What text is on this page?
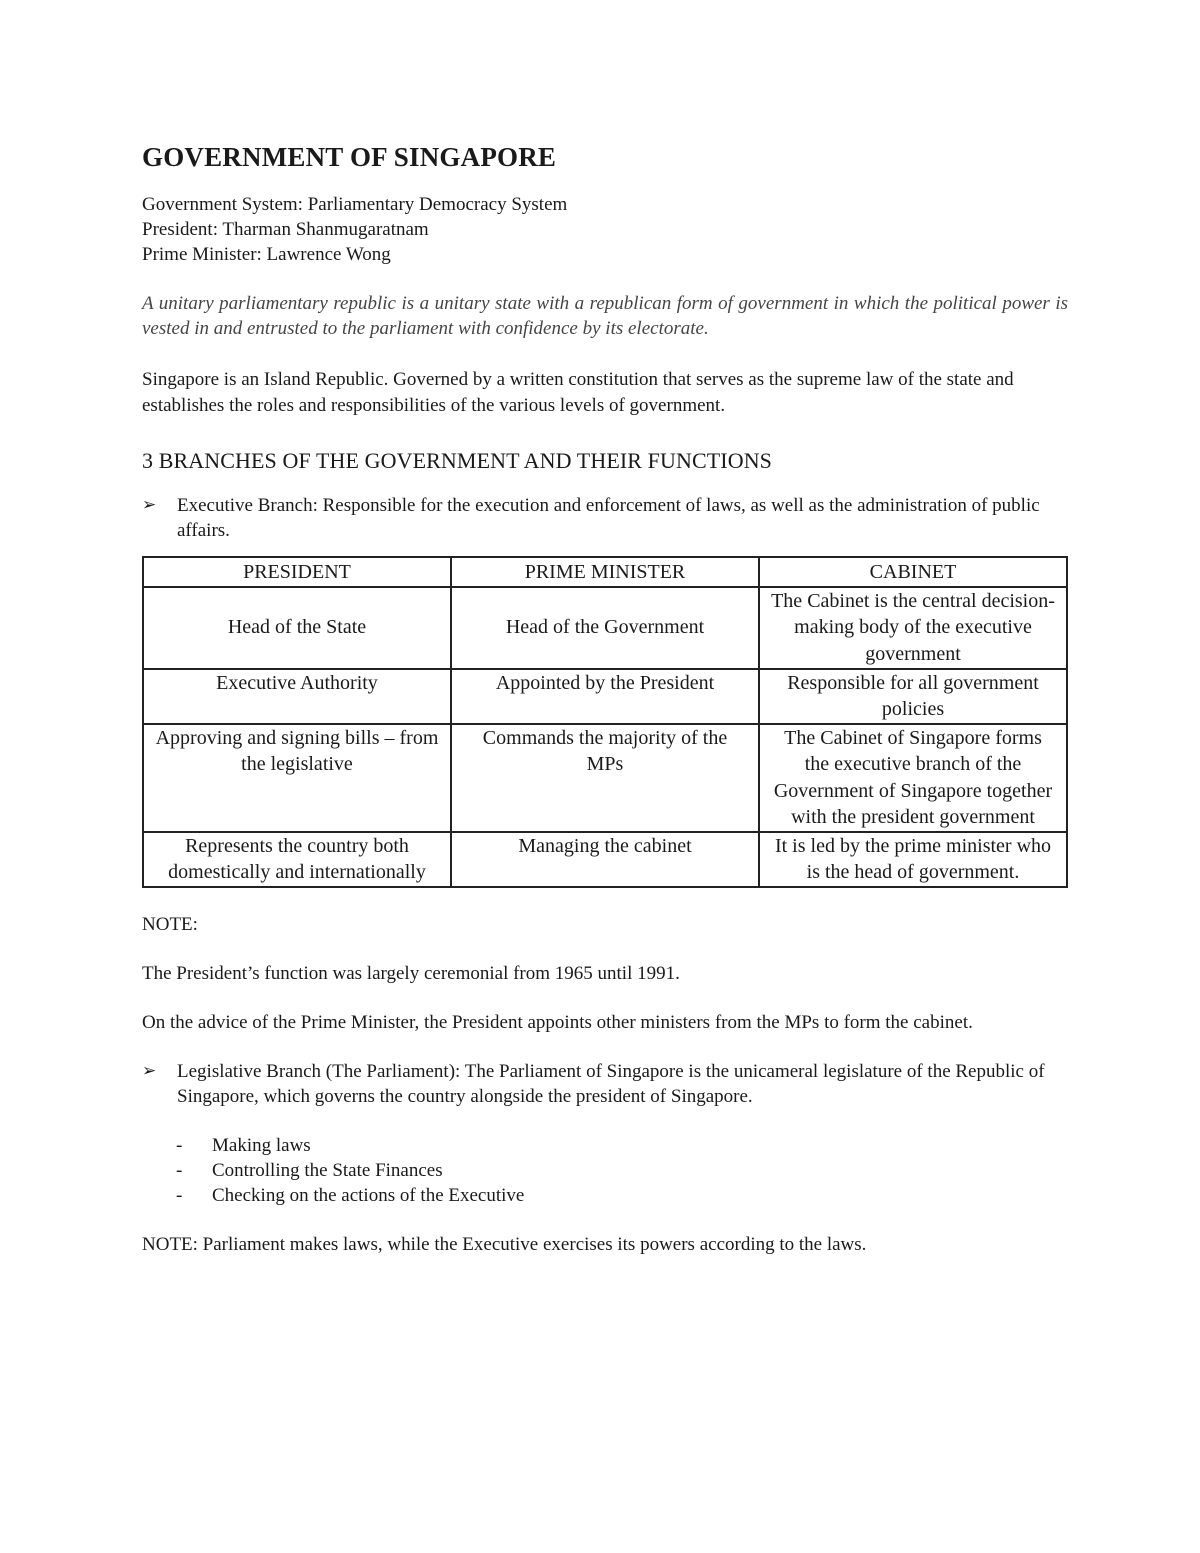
GOVERNMENT OF SINGAPORE
Government System: Parliamentary Democracy System
President: Tharman Shanmugaratnam
Prime Minister: Lawrence Wong
A unitary parliamentary republic is a unitary state with a republican form of government in which the political power is vested in and entrusted to the parliament with confidence by its electorate.
Singapore is an Island Republic. Governed by a written constitution that serves as the supreme law of the state and establishes the roles and responsibilities of the various levels of government.
3 BRANCHES OF THE GOVERNMENT AND THEIR FUNCTIONS
➢ Executive Branch: Responsible for the execution and enforcement of laws, as well as the administration of public affairs.
PRESIDENT	PRIME MINISTER	CABINET
Head of the State	Head of the Government	The Cabinet is the central decision-making body of the executive government
Executive Authority	Appointed by the President	Responsible for all government policies
Approving and signing bills – from the legislative	Commands the majority of the MPs	The Cabinet of Singapore forms the executive branch of the Government of Singapore together with the president government
Represents the country both domestically and internationally	Managing the cabinet	It is led by the prime minister who is the head of government.
NOTE:
The President’s function was largely ceremonial from 1965 until 1991.
On the advice of the Prime Minister, the President appoints other ministers from the MPs to form the cabinet.
➢ Legislative Branch (The Parliament): The Parliament of Singapore is the unicameral legislature of the Republic of Singapore, which governs the country alongside the president of Singapore.
- Making laws
- Controlling the State Finances
- Checking on the actions of the Executive
NOTE: Parliament makes laws, while the Executive exercises its powers according to the laws.
